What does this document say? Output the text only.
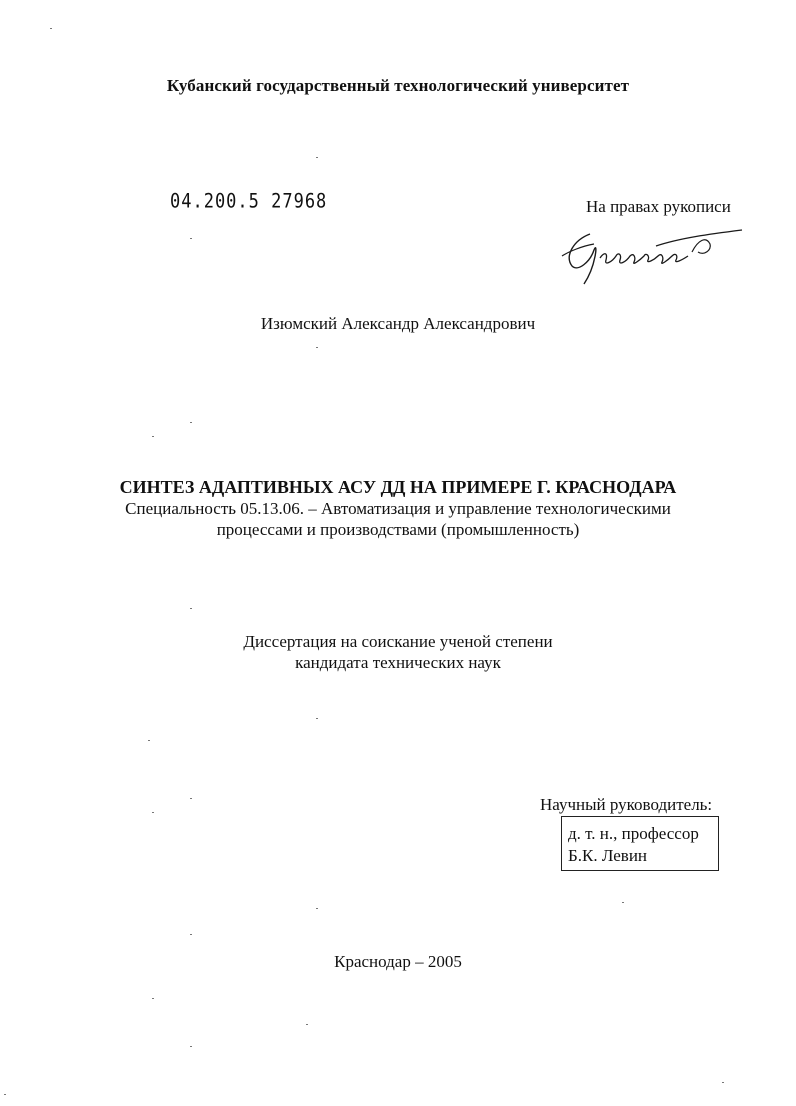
Кубанский государственный технологический университет
04.200.5 27968	На правах рукописи
Изюмский Александр Александрович
СИНТЕЗ АДАПТИВНЫХ АСУ ДД НА ПРИМЕРЕ Г. КРАСНОДАРА
Специальность 05.13.06. – Автоматизация и управление технологическими
процессами и производствами (промышленность)
Диссертация на соискание ученой степени
кандидата технических наук
Научный руководитель:
д. т. н., профессор
Б.К. Левин
Краснодар – 2005
